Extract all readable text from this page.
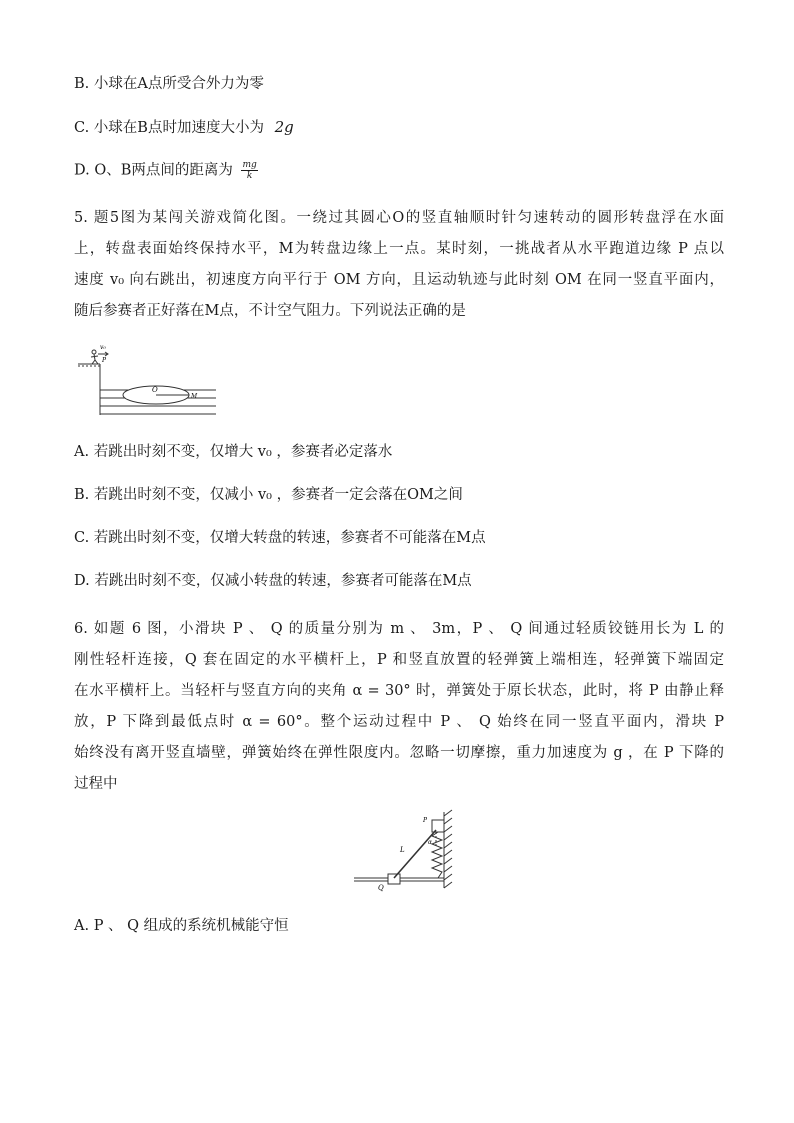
B. 小球在A点所受合外力为零
C. 小球在B点时加速度大小为 2g
D. O、B两点间的距离为 $\frac{mg}{k}$
5. 题5图为某闯关游戏简化图。一绕过其圆心O的竖直轴顺时针匀速转动的圆形转盘浮在水面
上，转盘表面始终保持水平，M为转盘边缘上一点。某时刻，一挑战者从水平跑道边缘 P 点以
速度 v₀ 向右跳出，初速度方向平行于 OM 方向，且运动轨迹与此时刻 OM 在同一竖直平面内，
随后参赛者正好落在M点，不计空气阻力。下列说法正确的是
v₀
P
O
M
A. 若跳出时刻不变，仅增大 v₀ ，参赛者必定落水
B. 若跳出时刻不变，仅减小 v₀ ，参赛者一定会落在OM之间
C. 若跳出时刻不变，仅增大转盘的转速，参赛者不可能落在M点
D. 若跳出时刻不变，仅减小转盘的转速，参赛者可能落在M点
6. 如题 6 图，小滑块 P 、 Q 的质量分别为 m 、 3m，P 、 Q 间通过轻质铰链用长为 L 的
刚性轻杆连接，Q 套在固定的水平横杆上，P 和竖直放置的轻弹簧上端相连，轻弹簧下端固定
在水平横杆上。当轻杆与竖直方向的夹角 α = 30° 时，弹簧处于原长状态，此时，将 P 由静止释
放，P 下降到最低点时 α = 60°。整个运动过程中 P 、 Q 始终在同一竖直平面内，滑块 P
始终没有离开竖直墙壁，弹簧始终在弹性限度内。忽略一切摩擦，重力加速度为 g ，在 P 下降的
过程中
P
L
α
Q
A. P 、 Q 组成的系统机械能守恒
